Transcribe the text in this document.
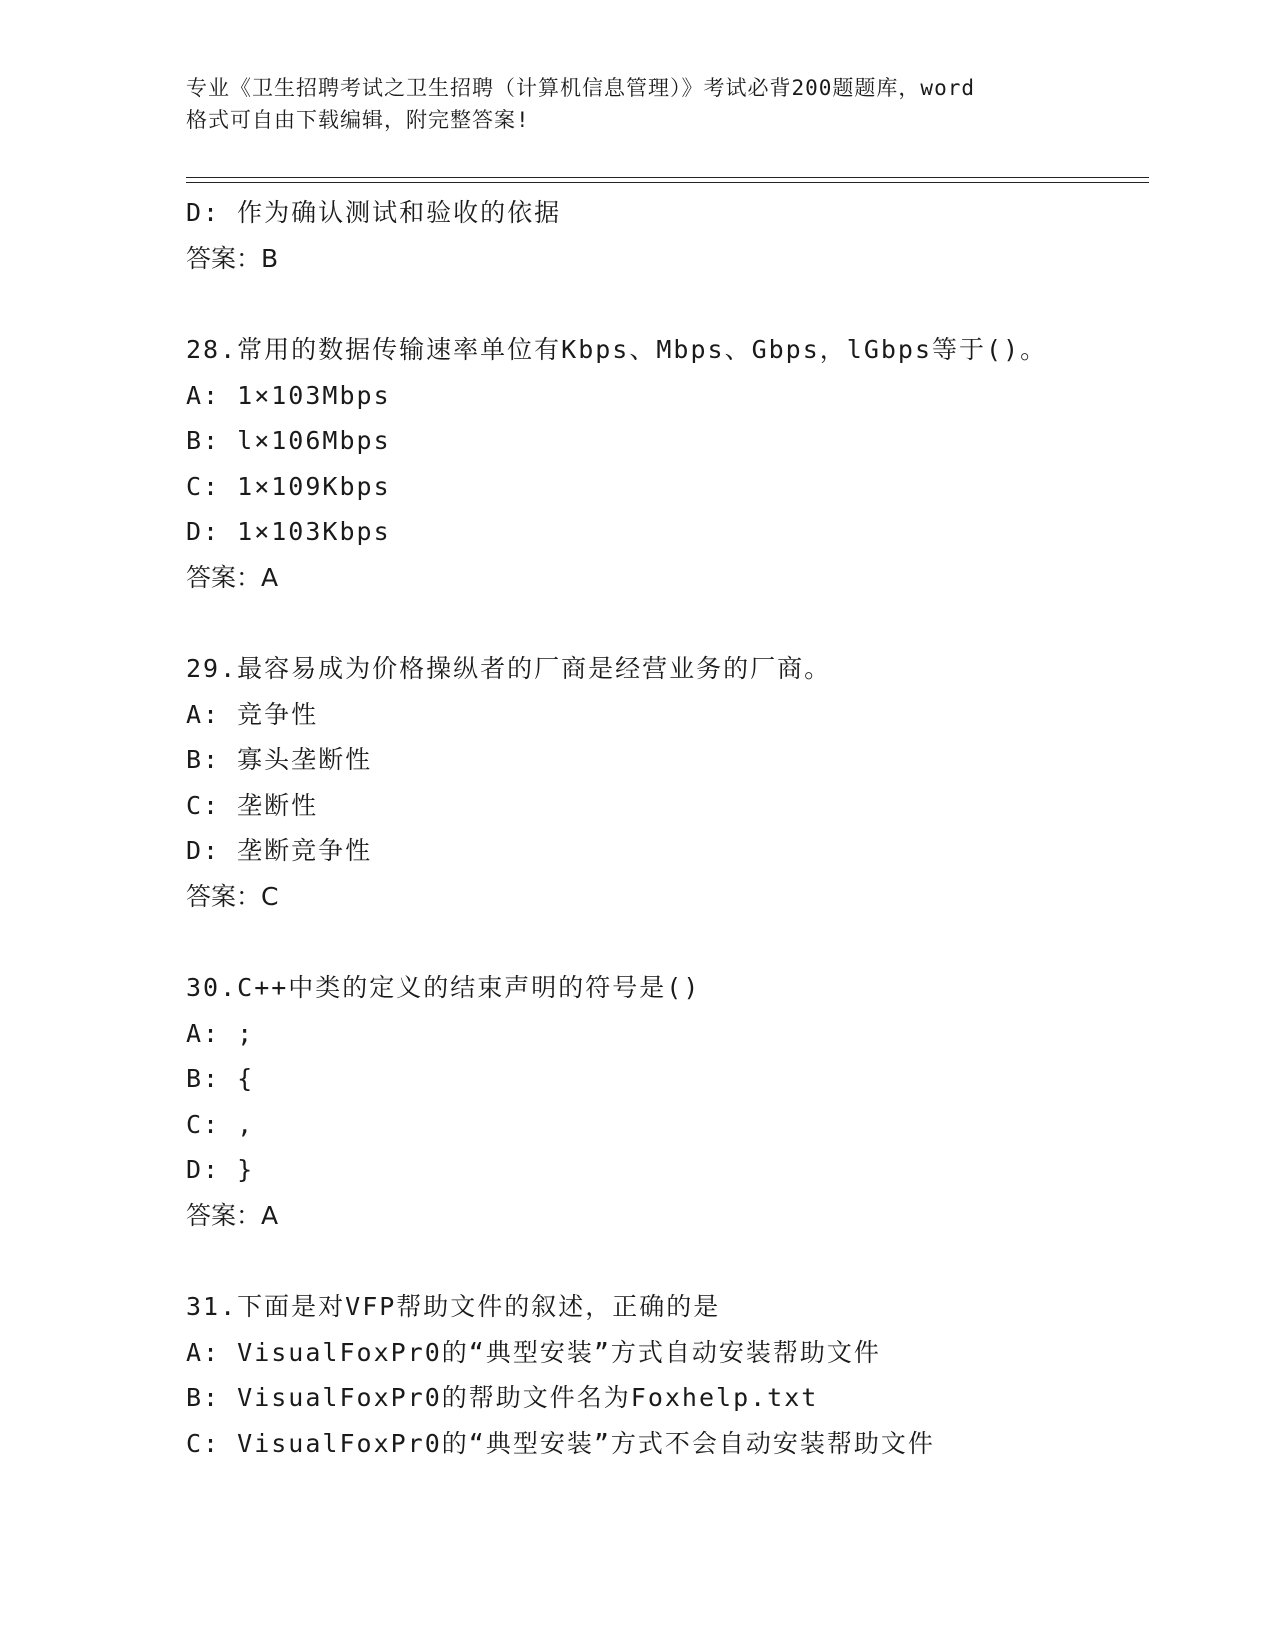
专业《卫生招聘考试之卫生招聘（计算机信息管理）》考试必背200题题库，word
格式可自由下载编辑，附完整答案!
D: 作为确认测试和验收的依据
答案：B
28.常用的数据传输速率单位有Kbps、Mbps、Gbps，lGbps等于()。
A: 1×103Mbps
B: l×106Mbps
C: 1×109Kbps
D: 1×103Kbps
答案：A
29.最容易成为价格操纵者的厂商是经营业务的厂商。
A: 竞争性
B: 寡头垄断性
C: 垄断性
D: 垄断竞争性
答案：C
30.C++中类的定义的结束声明的符号是()
A: ;
B: {
C: ,
D: }
答案：A
31.下面是对VFP帮助文件的叙述，正确的是
A: VisualFoxPr0的“典型安装”方式自动安装帮助文件
B: VisualFoxPr0的帮助文件名为Foxhelp.txt
C: VisualFoxPr0的“典型安装”方式不会自动安装帮助文件
